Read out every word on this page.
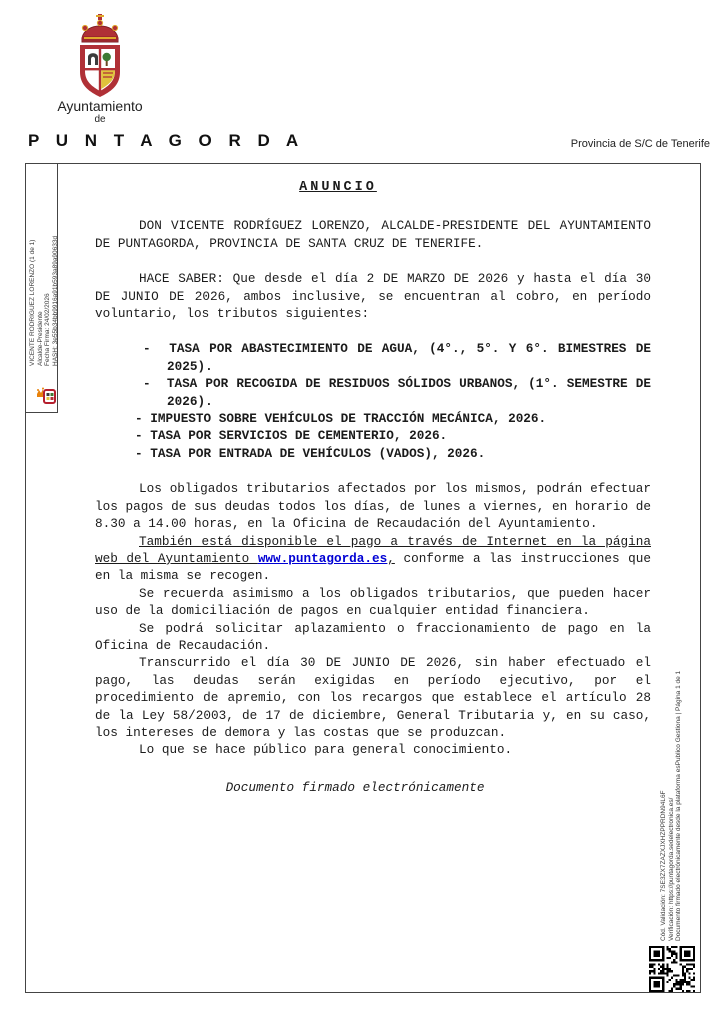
Ayuntamiento
de
P U N T A G O R D A	Provincia de S/C de Tenerife
VICENTE RODRIGUEZ LORENZO (1 de 1) Alcalde-Presidente Fecha Firma: 24/02/2026 HASH: 3e55b34bb9916a91b593a89a90633d
ANUNCIO

DON VICENTE RODRÍGUEZ LORENZO, ALCALDE-PRESIDENTE DEL AYUNTAMIENTO DE PUNTAGORDA, PROVINCIA DE SANTA CRUZ DE TENERIFE.

HACE SABER: Que desde el día 2 DE MARZO DE 2026 y hasta el día 30 DE JUNIO DE 2026, ambos inclusive, se encuentran al cobro, en período voluntario, los tributos siguientes:

-  TASA POR ABASTECIMIENTO DE AGUA, (4°., 5°. Y 6°. BIMESTRES DE 2025).
-  TASA POR RECOGIDA DE RESIDUOS SÓLIDOS URBANOS, (1°. SEMESTRE DE 2026).
- IMPUESTO SOBRE VEHÍCULOS DE TRACCIÓN MECÁNICA, 2026.
- TASA POR SERVICIOS DE CEMENTERIO, 2026.
- TASA POR ENTRADA DE VEHÍCULOS (VADOS), 2026.

Los obligados tributarios afectados por los mismos, podrán efectuar los pagos de sus deudas todos los días, de lunes a viernes, en horario de 8.30 a 14.00 horas, en la Oficina de Recaudación del Ayuntamiento.

También está disponible el pago a través de Internet en la página web del Ayuntamiento www.puntagorda.es, conforme a las instrucciones que en la misma se recogen.

Se recuerda asimismo a los obligados tributarios, que pueden hacer uso de la domiciliación de pagos en cualquier entidad financiera.

Se podrá solicitar aplazamiento o fraccionamiento de pago en la Oficina de Recaudación.

Transcurrido el día 30 DE JUNIO DE 2026, sin haber efectuado el pago, las deudas serán exigidas en período ejecutivo, por el procedimiento de apremio, con los recargos que establece el artículo 28 de la Ley 58/2003, de 17 de diciembre, General Tributaria y, en su caso, los intereses de demora y las costas que se produzcan.

Lo que se hace público para general conocimiento.

Documento firmado electrónicamente
Cód. Validación: 7SE3ZX7ZAZXJXHZPPRDN94L6F Verificación: https://puntagorda.sedelectronica.es/ Documento firmado electrónicamente desde la plataforma esPublico Gestiona | Página 1 de 1
